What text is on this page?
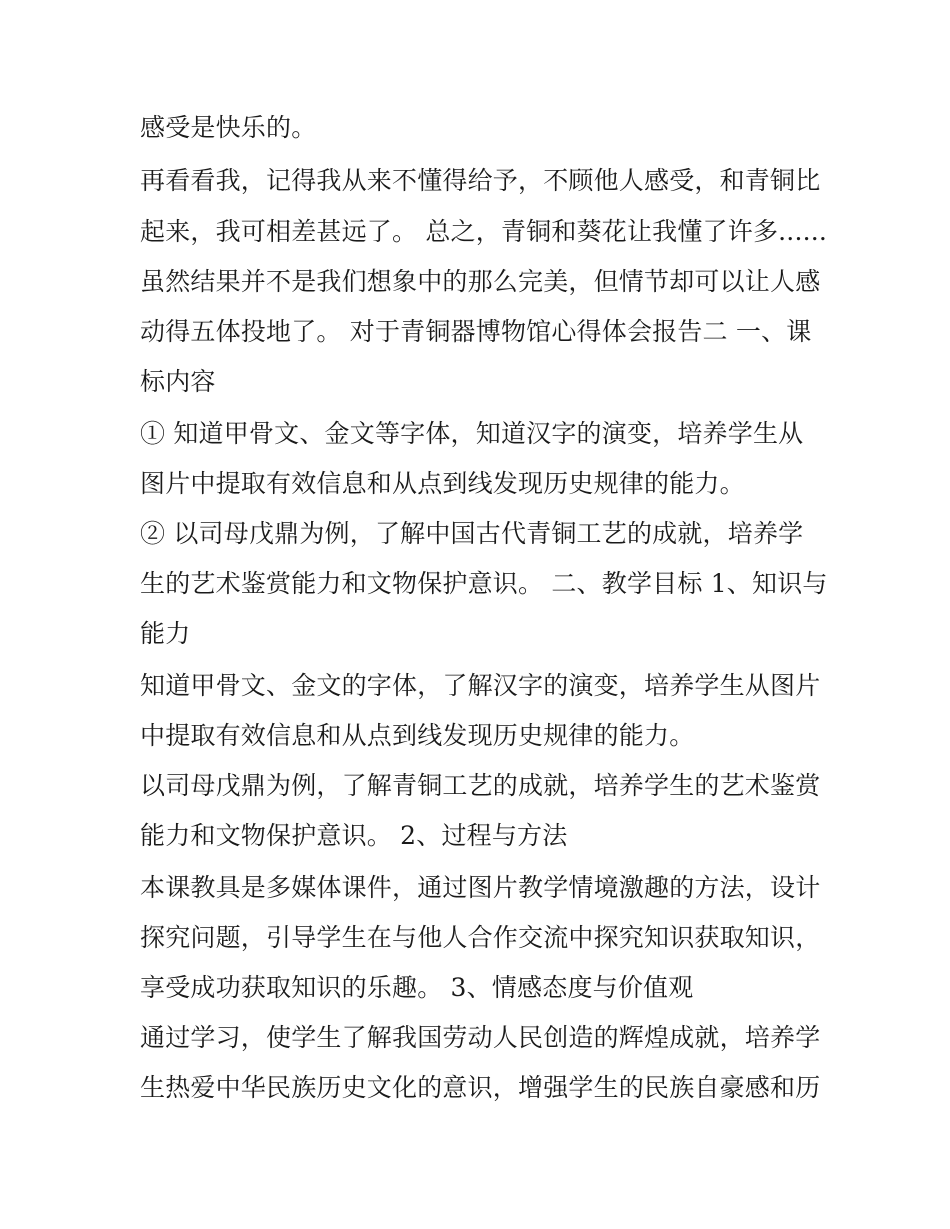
感受是快乐的。
再看看我，记得我从来不懂得给予，不顾他人感受，和青铜比
起来，我可相差甚远了。 总之，青铜和葵花让我懂了许多......
虽然结果并不是我们想象中的那么完美，但情节却可以让人感
动得五体投地了。 对于青铜器博物馆心得体会报告二 一、课
标内容
① 知道甲骨文、金文等字体，知道汉字的演变，培养学生从
图片中提取有效信息和从点到线发现历史规律的能力。
② 以司母戊鼎为例，了解中国古代青铜工艺的成就，培养学
生的艺术鉴赏能力和文物保护意识。 二、教学目标 1、知识与
能力
知道甲骨文、金文的字体，了解汉字的演变，培养学生从图片
中提取有效信息和从点到线发现历史规律的能力。
以司母戊鼎为例，了解青铜工艺的成就，培养学生的艺术鉴赏
能力和文物保护意识。 2、过程与方法
本课教具是多媒体课件，通过图片教学情境激趣的方法，设计
探究问题，引导学生在与他人合作交流中探究知识获取知识，
享受成功获取知识的乐趣。 3、情感态度与价值观
通过学习，使学生了解我国劳动人民创造的辉煌成就，培养学
生热爱中华民族历史文化的意识，增强学生的民族自豪感和历
